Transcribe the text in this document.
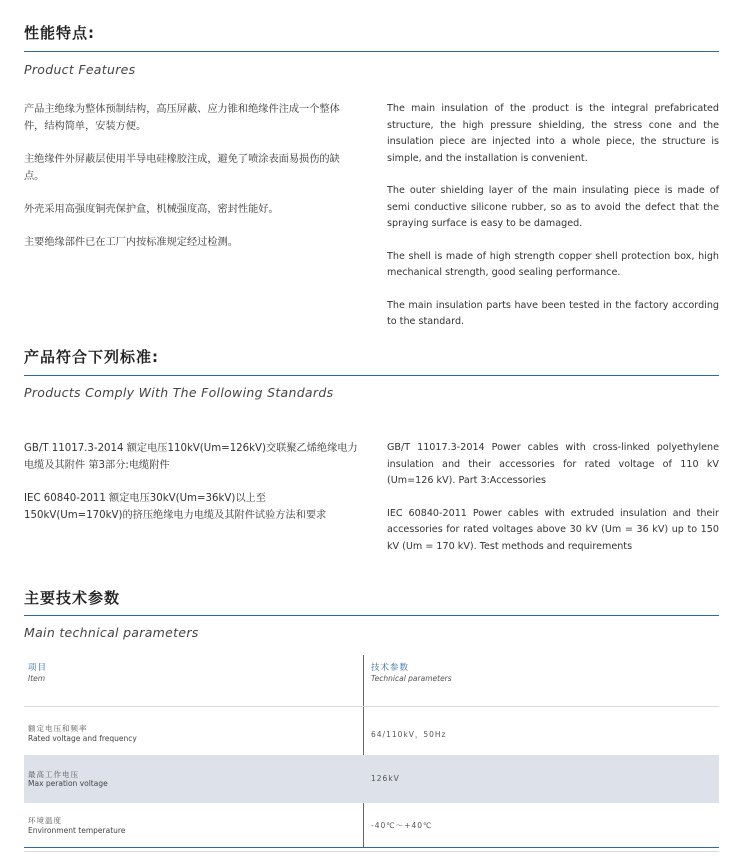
性能特点:
Product Features

产品主绝缘为整体预制结构，高压屏蔽、应力锥和绝缘件注成一个整体件，结构简单，安装方便。

主绝缘件外屏蔽层使用半导电硅橡胶注成，避免了喷涂表面易损伤的缺点。

外壳采用高强度铜壳保护盒，机械强度高，密封性能好。

主要绝缘部件已在工厂内按标准规定经过检测。

The main insulation of the product is the integral prefabricated structure, the high pressure shielding, the stress cone and the insulation piece are injected into a whole piece, the structure is simple, and the installation is convenient.

The outer shielding layer of the main insulating piece is made of semi conductive silicone rubber, so as to avoid the defect that the spraying surface is easy to be damaged.

The shell is made of high strength copper shell protection box, high mechanical strength, good sealing performance.

The main insulation parts have been tested in the factory according to the standard.

产品符合下列标准:
Products Comply With The Following Standards

GB/T 11017.3-2014 额定电压110kV(Um=126kV)交联聚乙烯绝缘电力电缆及其附件 第3部分:电缆附件

IEC 60840-2011 额定电压30kV(Um=36kV)以上至150kV(Um=170kV)的挤压绝缘电力电缆及其附件试验方法和要求

GB/T 11017.3-2014 Power cables with cross-linked polyethylene insulation and their accessories for rated voltage of 110 kV (Um=126 kV). Part 3:Accessories

IEC 60840-2011 Power cables with extruded insulation and their accessories for rated voltages above 30 kV (Um = 36 kV) up to 150 kV (Um = 170 kV). Test methods and requirements

主要技术参数
Main technical parameters
项目
Item
技术参数
Technical parameters
额定电压和频率
Rated voltage and frequency	64/110kV，50Hz
最高工作电压
Max peration voltage
126kV
环境温度
Environment temperature
-40℃～+40℃
